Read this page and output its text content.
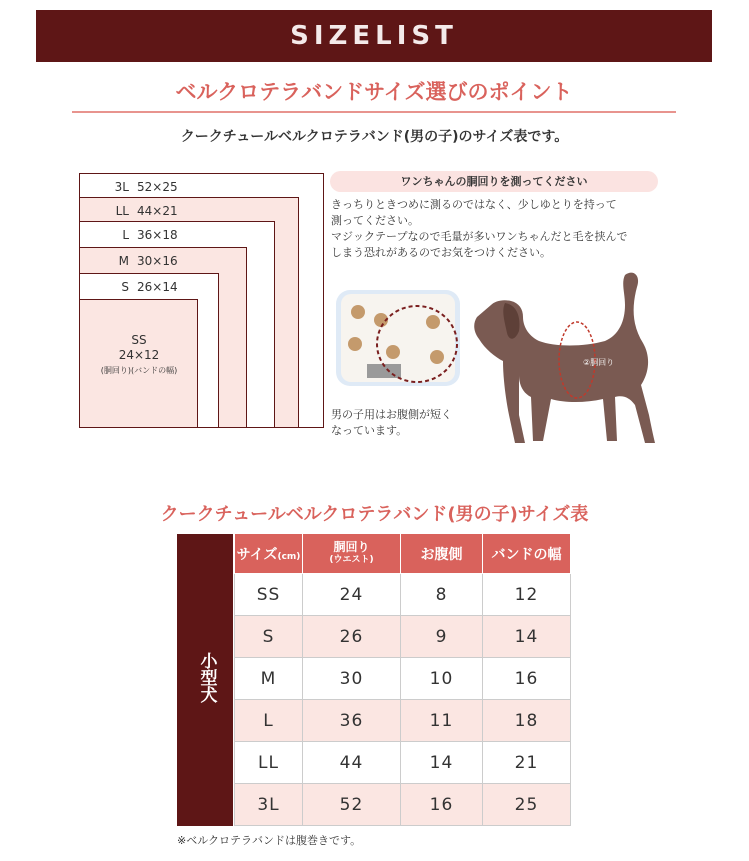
SIZELIST
ベルクロテラバンドサイズ選びのポイント
クークチュールベルクロテラバンド(男の子)のサイズ表です。
3L 52×25
LL 44×21
L 36×18
M 30×16
S 26×14
SS
24×12
(胴回り)(バンドの幅)
ワンちゃんの胴回りを測ってください
きっちりときつめに測るのではなく、少しゆとりを持って
測ってください。
マジックテープなので毛量が多いワンちゃんだと毛を挟んで
しまう恐れがあるのでお気をつけください。
男の子用はお腹側が短く
なっています。
②胴回り
クークチュールベルクロテラバンド(男の子)サイズ表
小型犬
サイズ(cm)	胴回り
(ウエスト)	お腹側	バンドの幅
SS	24	8	12
S	26	9	14
M	30	10	16
L	36	11	18
LL	44	14	21
3L	52	16	25
※ベルクロテラバンドは腹巻きです。
